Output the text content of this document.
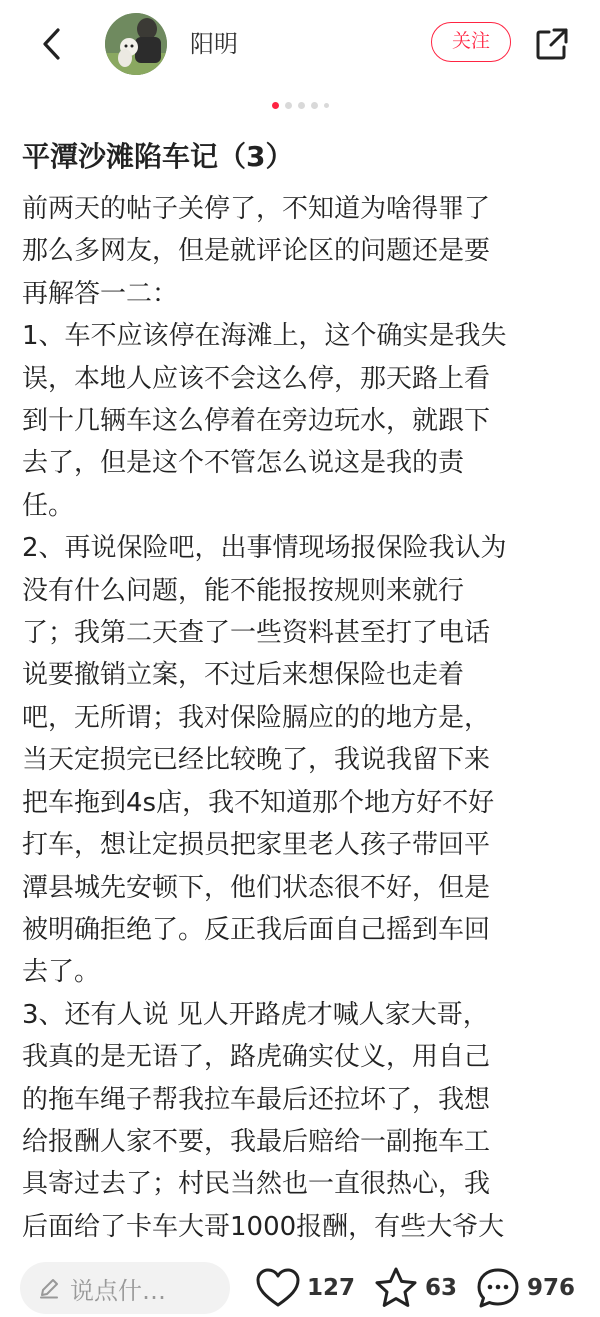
阳明	关注
平潭沙滩陷车记（3）
前两天的帖子关停了，不知道为啥得罪了
那么多网友，但是就评论区的问题还是要
再解答一二：
1、车不应该停在海滩上，这个确实是我失
误，本地人应该不会这么停，那天路上看
到十几辆车这么停着在旁边玩水，就跟下
去了，但是这个不管怎么说这是我的责
任。
2、再说保险吧，出事情现场报保险我认为
没有什么问题，能不能报按规则来就行
了；我第二天查了一些资料甚至打了电话
说要撤销立案，不过后来想保险也走着
吧，无所谓；我对保险膈应的的地方是，
当天定损完已经比较晚了，我说我留下来
把车拖到4s店，我不知道那个地方好不好
打车，想让定损员把家里老人孩子带回平
潭县城先安顿下，他们状态很不好，但是
被明确拒绝了。反正我后面自己摇到车回
去了。
3、还有人说 见人开路虎才喊人家大哥，
我真的是无语了，路虎确实仗义，用自己
的拖车绳子帮我拉车最后还拉坏了，我想
给报酬人家不要，我最后赔给一副拖车工
具寄过去了；村民当然也一直很热心，我
后面给了卡车大哥1000报酬，有些大爷大
说点什…	127	63	976
